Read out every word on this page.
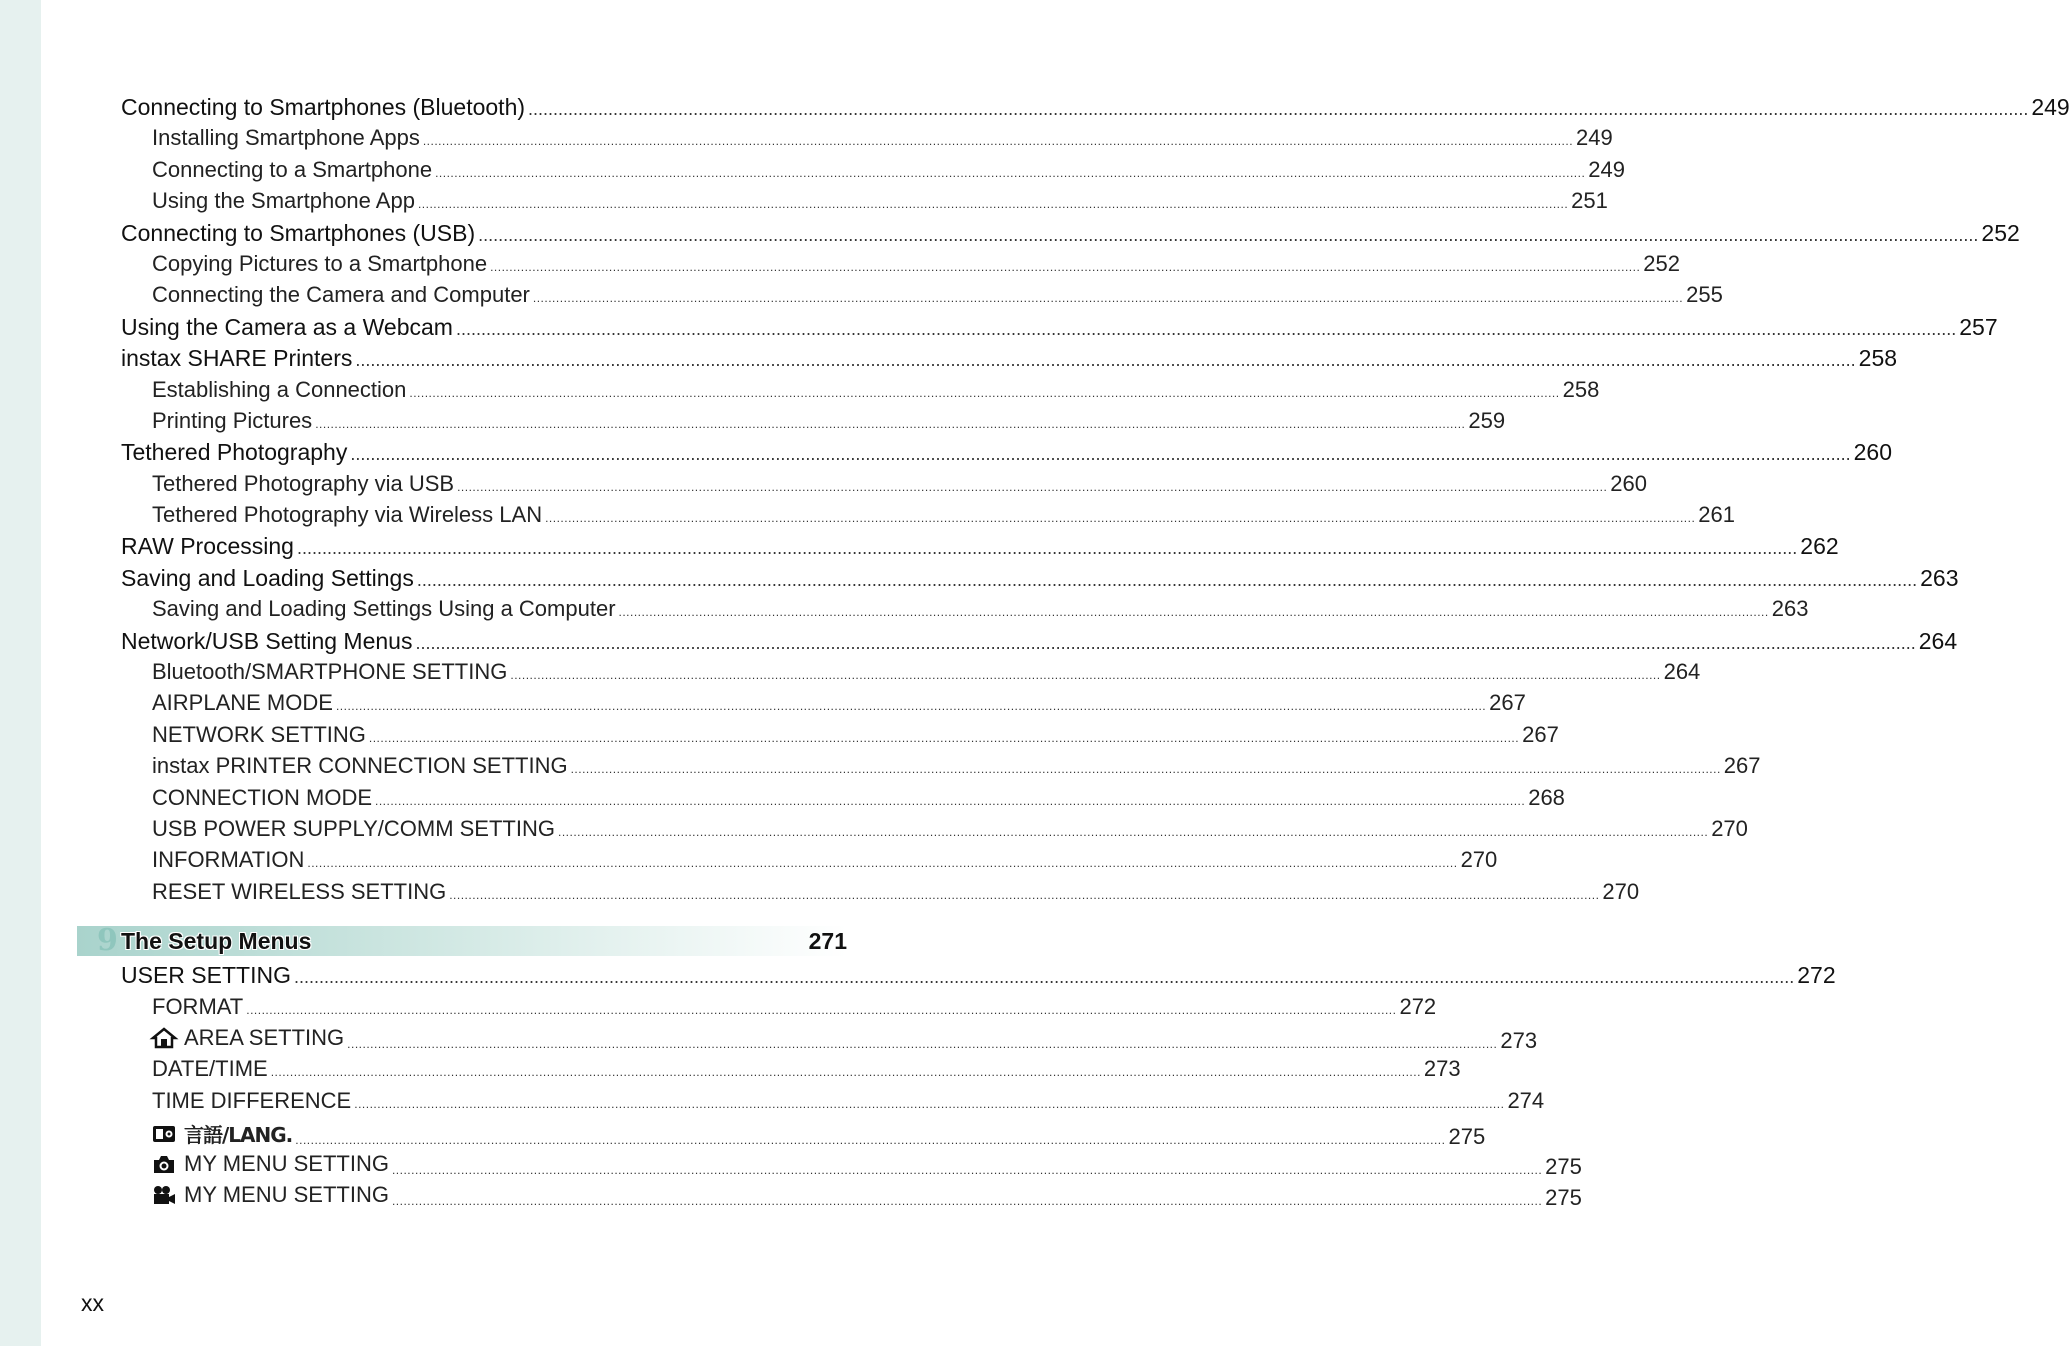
Connecting to Smartphones (Bluetooth) ............................................................................................................................................................................................................................................................................................................ 249
Installing Smartphone Apps ............................................................................................................................................................................................................................................................................................................ 249
Connecting to a Smartphone ............................................................................................................................................................................................................................................................................................................ 249
Using the Smartphone App ............................................................................................................................................................................................................................................................................................................ 251
Connecting to Smartphones (USB) ............................................................................................................................................................................................................................................................................................................ 252
Copying Pictures to a Smartphone ............................................................................................................................................................................................................................................................................................................ 252
Connecting the Camera and Computer ............................................................................................................................................................................................................................................................................................................ 255
Using the Camera as a Webcam ............................................................................................................................................................................................................................................................................................................ 257
instax SHARE Printers ............................................................................................................................................................................................................................................................................................................ 258
Establishing a Connection ............................................................................................................................................................................................................................................................................................................ 258
Printing Pictures ............................................................................................................................................................................................................................................................................................................ 259
Tethered Photography ............................................................................................................................................................................................................................................................................................................ 260
Tethered Photography via USB ............................................................................................................................................................................................................................................................................................................ 260
Tethered Photography via Wireless LAN ............................................................................................................................................................................................................................................................................................................ 261
RAW Processing ............................................................................................................................................................................................................................................................................................................ 262
Saving and Loading Settings ............................................................................................................................................................................................................................................................................................................ 263
Saving and Loading Settings Using a Computer ............................................................................................................................................................................................................................................................................................................ 263
Network/USB Setting Menus ............................................................................................................................................................................................................................................................................................................ 264
Bluetooth/SMARTPHONE SETTING ............................................................................................................................................................................................................................................................................................................ 264
AIRPLANE MODE ............................................................................................................................................................................................................................................................................................................ 267
NETWORK SETTING ............................................................................................................................................................................................................................................................................................................ 267
instax PRINTER CONNECTION SETTING ............................................................................................................................................................................................................................................................................................................ 267
CONNECTION MODE ............................................................................................................................................................................................................................................................................................................ 268
USB POWER SUPPLY/COMM SETTING ............................................................................................................................................................................................................................................................................................................ 270
INFORMATION ............................................................................................................................................................................................................................................................................................................ 270
RESET WIRELESS SETTING ............................................................................................................................................................................................................................................................................................................ 270
9 The Setup Menus	271
USER SETTING ............................................................................................................................................................................................................................................................................................................ 272
FORMAT ............................................................................................................................................................................................................................................................................................................ 272
AREA SETTING ............................................................................................................................................................................................................................................................................................................ 273
DATE/TIME ............................................................................................................................................................................................................................................................................................................ 273
TIME DIFFERENCE ............................................................................................................................................................................................................................................................................................................ 274
言語/LANG. ............................................................................................................................................................................................................................................................................................................ 275
MY MENU SETTING ............................................................................................................................................................................................................................................................................................................ 275
MY MENU SETTING ............................................................................................................................................................................................................................................................................................................ 275
xx
